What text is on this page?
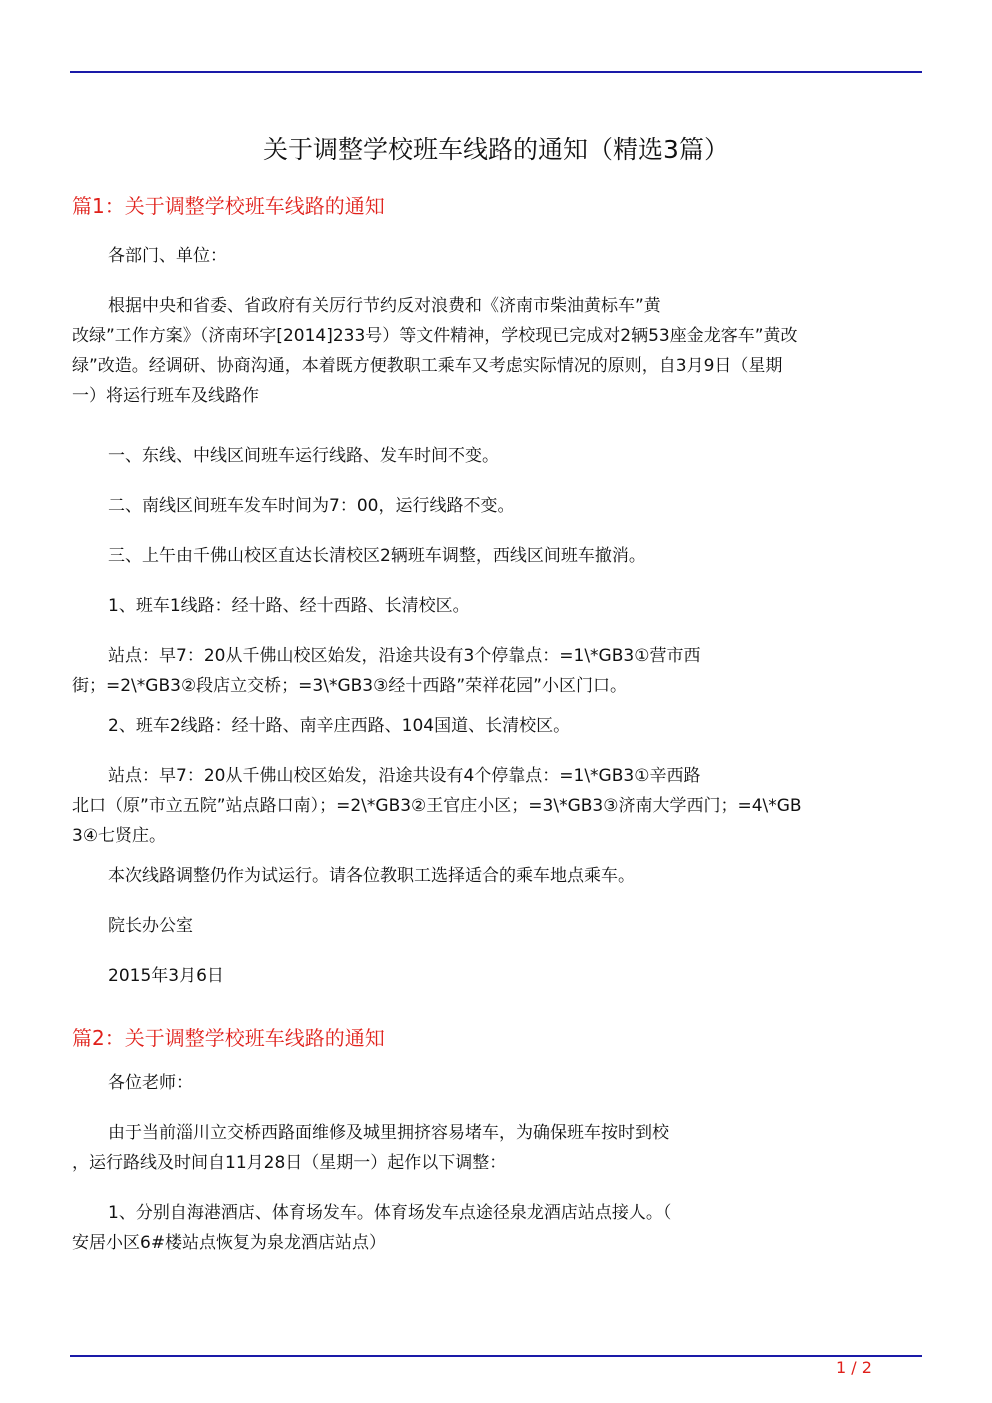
关于调整学校班车线路的通知（精选3篇）
篇1：关于调整学校班车线路的通知
各部门、单位：
根据中央和省委、省政府有关厉行节约反对浪费和《济南市柴油黄标车”黄
改绿”工作方案》（济南环字[2014]233号）等文件精神，学校现已完成对2辆53座金龙客车”黄改
绿”改造。经调研、协商沟通，本着既方便教职工乘车又考虑实际情况的原则，自3月9日（星期
一）将运行班车及线路作
一、东线、中线区间班车运行线路、发车时间不变。
二、南线区间班车发车时间为7：00，运行线路不变。
三、上午由千佛山校区直达长清校区2辆班车调整，西线区间班车撤消。
1、班车1线路：经十路、经十西路、长清校区。
站点：早7：20从千佛山校区始发，沿途共设有3个停靠点：=1\*GB3①营市西
街；=2\*GB3②段店立交桥；=3\*GB3③经十西路”荣祥花园”小区门口。
2、班车2线路：经十路、南辛庄西路、104国道、长清校区。
站点：早7：20从千佛山校区始发，沿途共设有4个停靠点：=1\*GB3①辛西路
北口（原”市立五院”站点路口南）；=2\*GB3②王官庄小区；=3\*GB3③济南大学西门；=4\*GB
3④七贤庄。
本次线路调整仍作为试运行。请各位教职工选择适合的乘车地点乘车。
院长办公室
2015年3月6日
篇2：关于调整学校班车线路的通知
各位老师：
由于当前淄川立交桥西路面维修及城里拥挤容易堵车，为确保班车按时到校
，运行路线及时间自11月28日（星期一）起作以下调整：
1、分别自海港酒店、体育场发车。体育场发车点途径泉龙酒店站点接人。（
安居小区6#楼站点恢复为泉龙酒店站点）
1 / 2
